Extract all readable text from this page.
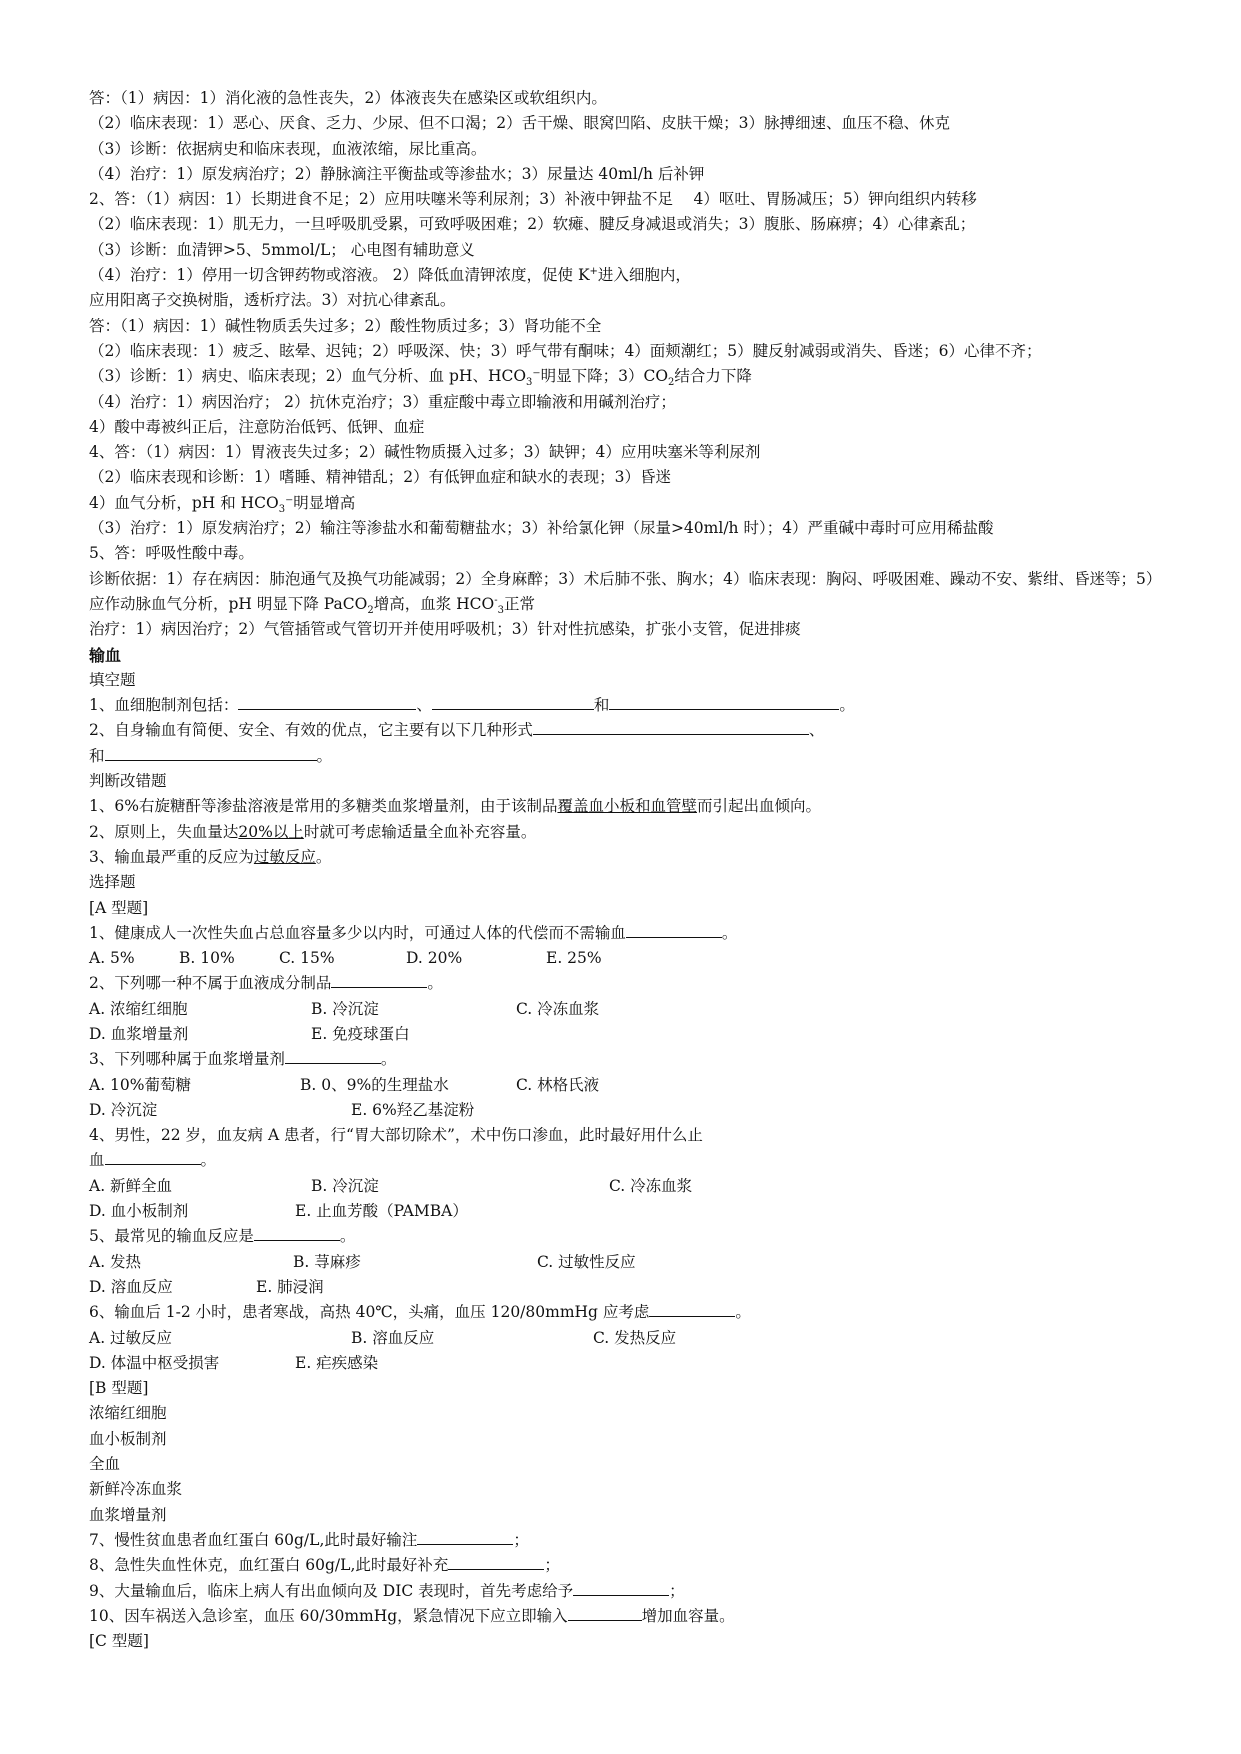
答：（1）病因：1）消化液的急性丧失，2）体液丧失在感染区或软组织内。
（2）临床表现：1）恶心、厌食、乏力、少尿、但不口渴；2）舌干燥、眼窝凹陷、皮肤干燥；3）脉搏细速、血压不稳、休克
（3）诊断：依据病史和临床表现，血液浓缩，尿比重高。
（4）治疗：1）原发病治疗；2）静脉滴注平衡盐或等渗盐水；3）尿量达 40ml/h 后补钾
2、答：（1）病因：1）长期进食不足；2）应用呋噻米等利尿剂；3）补液中钾盐不足　 4）呕吐、胃肠减压；5）钾向组织内转移
（2）临床表现：1）肌无力，一旦呼吸肌受累，可致呼吸困难；2）软瘫、腱反身减退或消失；3）腹胀、肠麻痹；4）心律紊乱；
（3）诊断：血清钾>5、5mmol/L； 心电图有辅助意义
（4）治疗：1）停用一切含钾药物或溶液。 2）降低血清钾浓度，促使 K+进入细胞内，
应用阳离子交换树脂，透析疗法。3）对抗心律紊乱。
答：（1）病因：1）碱性物质丢失过多；2）酸性物质过多；3）肾功能不全
（2）临床表现：1）疲乏、眩晕、迟钝；2）呼吸深、快；3）呼气带有酮味；4）面颊潮红；5）腱反射减弱或消失、昏迷；6）心律不齐；
（3）诊断：1）病史、临床表现；2）血气分析、血 pH、$HCO_3^-$明显下降；$3)CO_2$结合力下降
（4）治疗：1）病因治疗； 2）抗休克治疗；3）重症酸中毒立即输液和用碱剂治疗；
4）酸中毒被纠正后，注意防治低钙、低钾、血症
4、答：（1）病因：1）胃液丧失过多；2）碱性物质摄入过多；3）缺钾；4）应用呋塞米等利尿剂
（2）临床表现和诊断：1）嗜睡、精神错乱；2）有低钾血症和缺水的表现；3）昏迷
4）血气分析，pH 和 $HCO_3^-$明显增高
（3）治疗：1）原发病治疗；2）输注等渗盐水和葡萄糖盐水；3）补给氯化钾（尿量>40ml/h 时）；4）严重碱中毒时可应用稀盐酸
5、答：呼吸性酸中毒。
诊断依据：1）存在病因：肺泡通气及换气功能减弱；2）全身麻醉；3）术后肺不张、胸水；4）临床表现：胸闷、呼吸困难、躁动不安、紫绀、昏迷等；5）应作动脉血气分析，pH 明显下降 PaCO$_2$增高，血浆 $HCO^-_3$正常
治疗：1）病因治疗；2）气管插管或气管切开并使用呼吸机；3）针对性抗感染，扩张小支管，促进排痰
输血
填空题
1、血细胞制剂包括：	、	和	。
2、自身输血有简便、安全、有效的优点，它主要有以下几种形式	、
和	。
判断改错题
1、6%右旋糖酐等渗盐溶液是常用的多糖类血浆增量剂，由于该制品覆盖血小板和血管壁而引起出血倾向。
2、原则上，失血量达20%以上时就可考虑输适量全血补充容量。
3、输血最严重的反应为过敏反应。
选择题
[A 型题]
1、健康成人一次性失血占总血容量多少以内时，可通过人体的代偿而不需输血	。
A. 5%	B. 10%	C. 15%	D. 20%	E. 25%
2、下列哪一种不属于血液成分制品	。
A. 浓缩红细胞	B. 冷沉淀	C. 冷冻血浆
D. 血浆增量剂	E. 免疫球蛋白
3、下列哪种属于血浆增量剂	。
A. 10%葡萄糖	B. 0、9%的生理盐水	C. 林格氏液
D. 冷沉淀	E. 6%羟乙基淀粉
4、男性，22 岁，血友病 A 患者，行“胃大部切除术”，术中伤口渗血，此时最好用什么止
血	。
A. 新鲜全血	B. 冷沉淀	C. 冷冻血浆
D. 血小板制剂	E. 止血芳酸（PAMBA）
5、最常见的输血反应是	。
A. 发热	B. 荨麻疹	C. 过敏性反应
D. 溶血反应	E. 肺浸润
6、输血后 1-2 小时，患者寒战，高热 40℃，头痛，血压 120/80mmHg 应考虑	。
A. 过敏反应	B. 溶血反应	C. 发热反应
D. 体温中枢受损害	E. 疟疾感染
[B 型题]
浓缩红细胞
血小板制剂
全血
新鲜冷冻血浆
血浆增量剂
7、慢性贫血患者血红蛋白 60g/L,此时最好输注	；
8、急性失血性休克，血红蛋白 60g/L,此时最好补充	；
9、大量输血后，临床上病人有出血倾向及 DIC 表现时，首先考虑给予	；
10、因车祸送入急诊室，血压 60/30mmHg，紧急情况下应立即输入	增加血容量。
[C 型题]
